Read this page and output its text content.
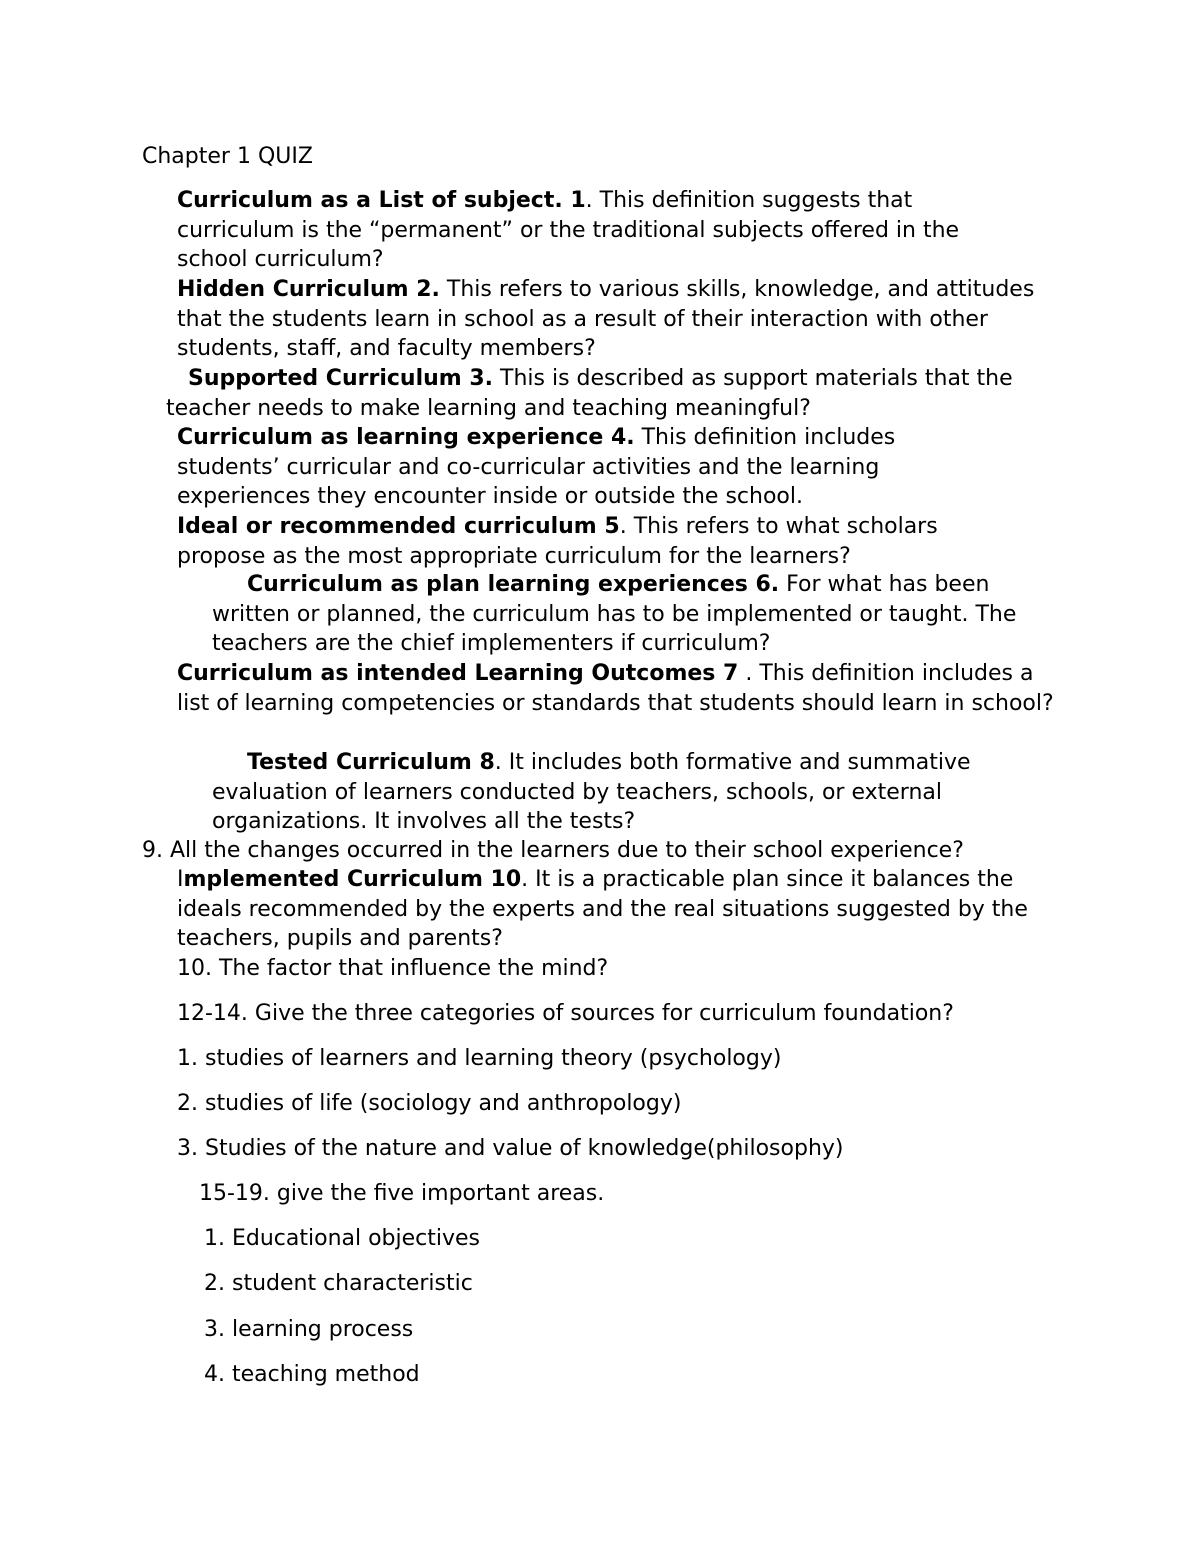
Chapter 1 QUIZ
Curriculum as a List of subject. 1. This definition suggests that curriculum is the “permanent” or the traditional subjects offered in the school curriculum?
Hidden Curriculum 2. This refers to various skills, knowledge, and attitudes that the students learn in school as a result of their interaction with other students, staff, and faculty members?
Supported Curriculum 3. This is described as support materials that the teacher needs to make learning and teaching meaningful?
Curriculum as learning experience 4. This definition includes students’ curricular and co-curricular activities and the learning experiences they encounter inside or outside the school.
Ideal or recommended curriculum 5. This refers to what scholars propose as the most appropriate curriculum for the learners?
Curriculum as plan learning experiences 6. For what has been written or planned, the curriculum has to be implemented or taught. The teachers are the chief implementers if curriculum?
Curriculum as intended Learning Outcomes 7 . This definition includes a list of learning competencies or standards that students should learn in school?
Tested Curriculum 8. It includes both formative and summative evaluation of learners conducted by teachers, schools, or external organizations. It involves all the tests?
9. All the changes occurred in the learners due to their school experience?
Implemented Curriculum 10. It is a practicable plan since it balances the ideals recommended by the experts and the real situations suggested by the teachers, pupils and parents?
10. The factor that influence the mind?
12-14. Give the three categories of sources for curriculum foundation?
1. studies of learners and learning theory (psychology)
2. studies of life (sociology and anthropology)
3. Studies of the nature and value of knowledge(philosophy)
15-19. give the five important areas.
1. Educational objectives
2. student characteristic
3. learning process
4. teaching method
